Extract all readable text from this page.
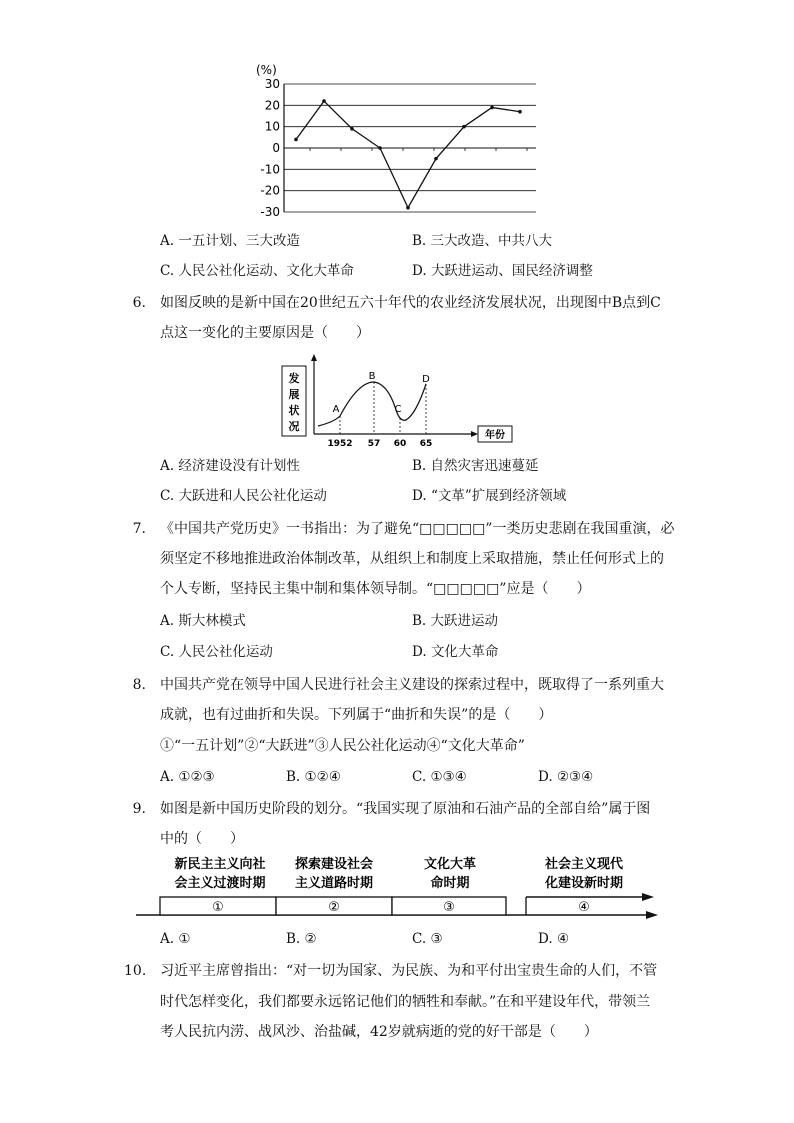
(%)
30
20
10
0
-10
-20
-30
A. 一五计划、三大改造	B. 三大改造、中共八大
C. 人民公社化运动、文化大革命	D. 大跃进运动、国民经济调整
6. 如图反映的是新中国在20世纪五六十年代的农业经济发展状况，出现图中B点到C
点这一变化的主要原因是（　　）
发
展
状
况
年份
A
B
C
D
1952 57 60 65
A. 经济建设没有计划性	B. 自然灾害迅速蔓延
C. 大跃进和人民公社化运动	D. “文革”扩展到经济领域
7. 《中国共产党历史》一书指出：为了避免“□□□□□”一类历史悲剧在我国重演，必
须坚定不移地推进政治体制改革，从组织上和制度上采取措施，禁止任何形式上的
个人专断，坚持民主集中制和集体领导制。“□□□□□”应是（　　）
A. 斯大林模式	B. 大跃进运动
C. 人民公社化运动	D. 文化大革命
8. 中国共产党在领导中国人民进行社会主义建设的探索过程中，既取得了一系列重大
成就，也有过曲折和失误。下列属于“曲折和失误”的是（　　）
①“一五计划”②“大跃进”③人民公社化运动④“文化大革命”
A. ①②③	B. ①②④	C. ①③④	D. ②③④
9. 如图是新中国历史阶段的划分。“我国实现了原油和石油产品的全部自给”属于图
中的（　　）
新民主主义向社
会主义过渡时期
探索建设社会
主义道路时期
文化大革
命时期
社会主义现代
化建设新时期
①	②	③	④
A. ①	B. ②	C. ③	D. ④
10. 习近平主席曾指出：“对一切为国家、为民族、为和平付出宝贵生命的人们，不管
时代怎样变化，我们都要永远铭记他们的牺牲和奉献。”在和平建设年代，带领兰
考人民抗内涝、战风沙、治盐碱，42岁就病逝的党的好干部是（　　）
